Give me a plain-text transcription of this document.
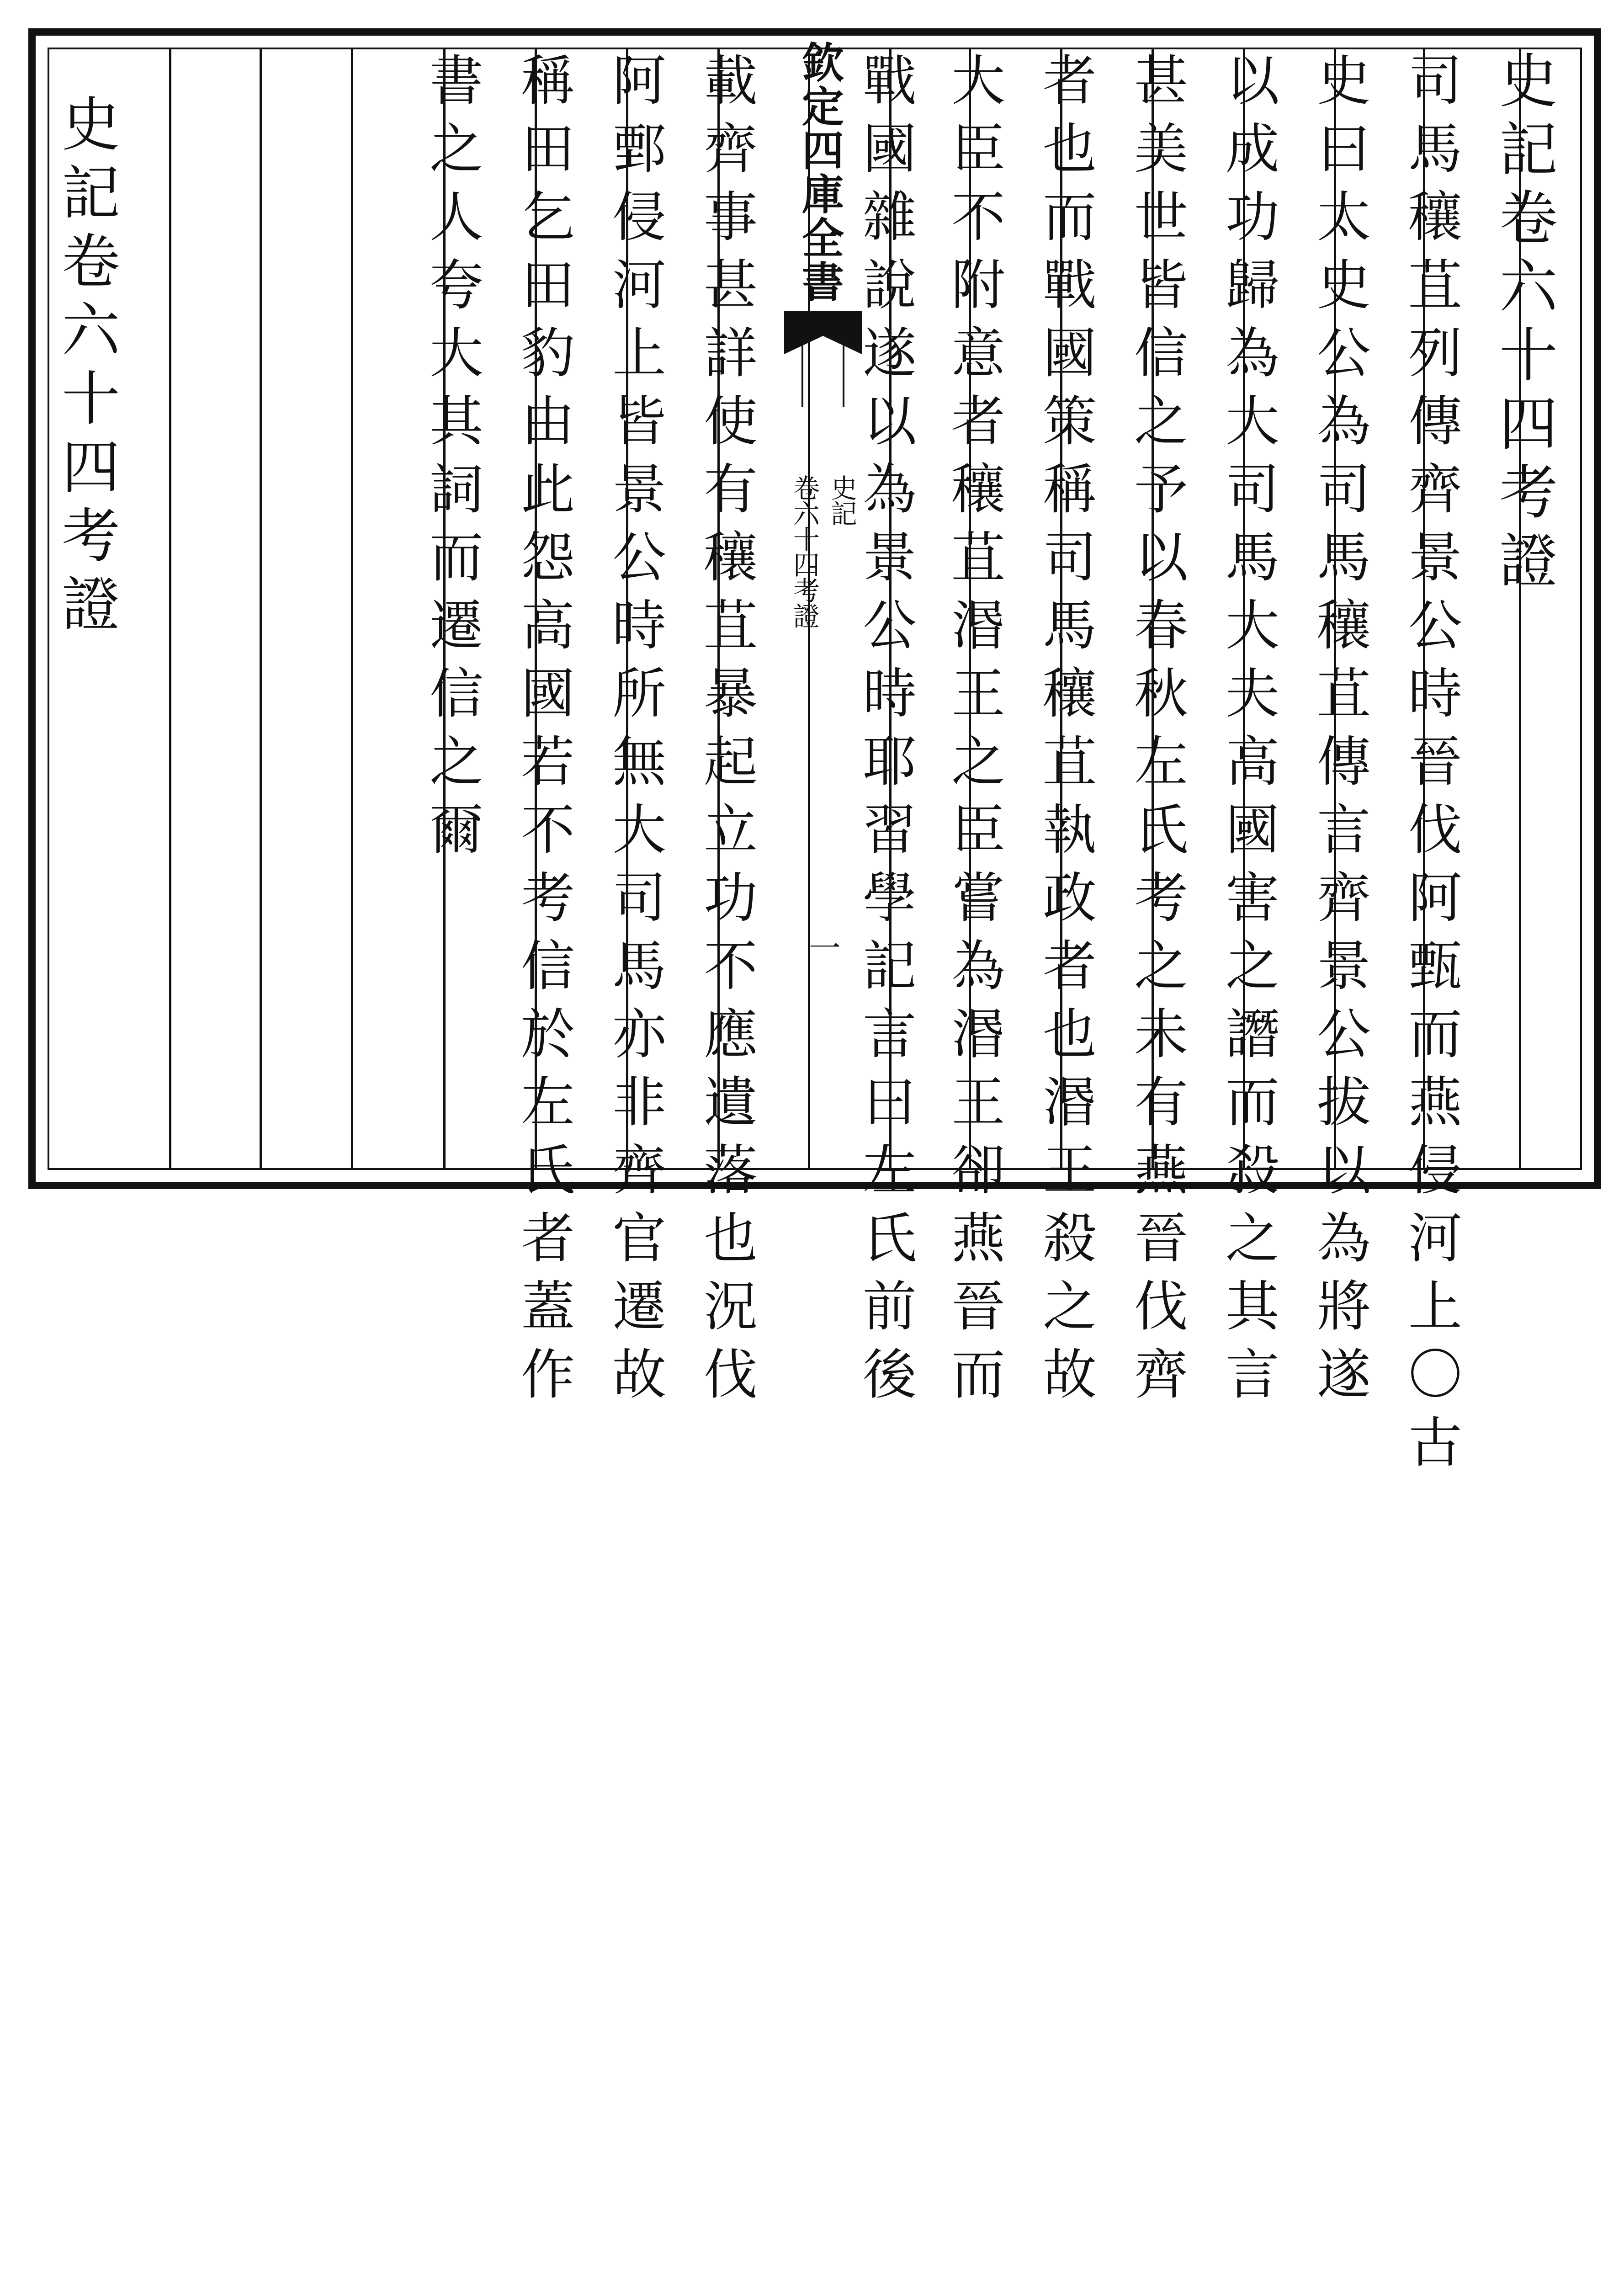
史
記
卷
六
十
四
考
證
司
馬
穰
苴
列
傳
齊
景
公
時
晉
伐
阿
甄
而
燕
侵
河
上
〇
古
史
曰
太
史
公
為
司
馬
穰
苴
傳
言
齊
景
公
拔
以
為
將
遂
以
成
功
歸
為
大
司
馬
大
夫
高
國
害
之
譖
而
殺
之
其
言
甚
美
世
皆
信
之
予
以
春
秋
左
氏
考
之
未
有
燕
晉
伐
齊
者
也
而
戰
國
策
稱
司
馬
穰
苴
執
政
者
也
湣
王
殺
之
故
大
臣
不
附
意
者
穰
苴
湣
王
之
臣
嘗
為
湣
王
卻
燕
晉
而
戰
國
雜
說
遂
以
為
景
公
時
耶
習
學
記
言
曰
左
氏
前
後
欽
定
四
庫
全
書
史
記
卷
六
十
四
考
證
一
載
齊
事
甚
詳
使
有
穰
苴
暴
起
立
功
不
應
遺
落
也
況
伐
阿
鄄
侵
河
上
皆
景
公
時
所
無
大
司
馬
亦
非
齊
官
遷
故
稱
田
乞
田
豹
由
此
怨
高
國
若
不
考
信
於
左
氏
者
蓋
作
書
之
人
夸
大
其
詞
而
遷
信
之
爾
史
記
卷
六
十
四
考
證
